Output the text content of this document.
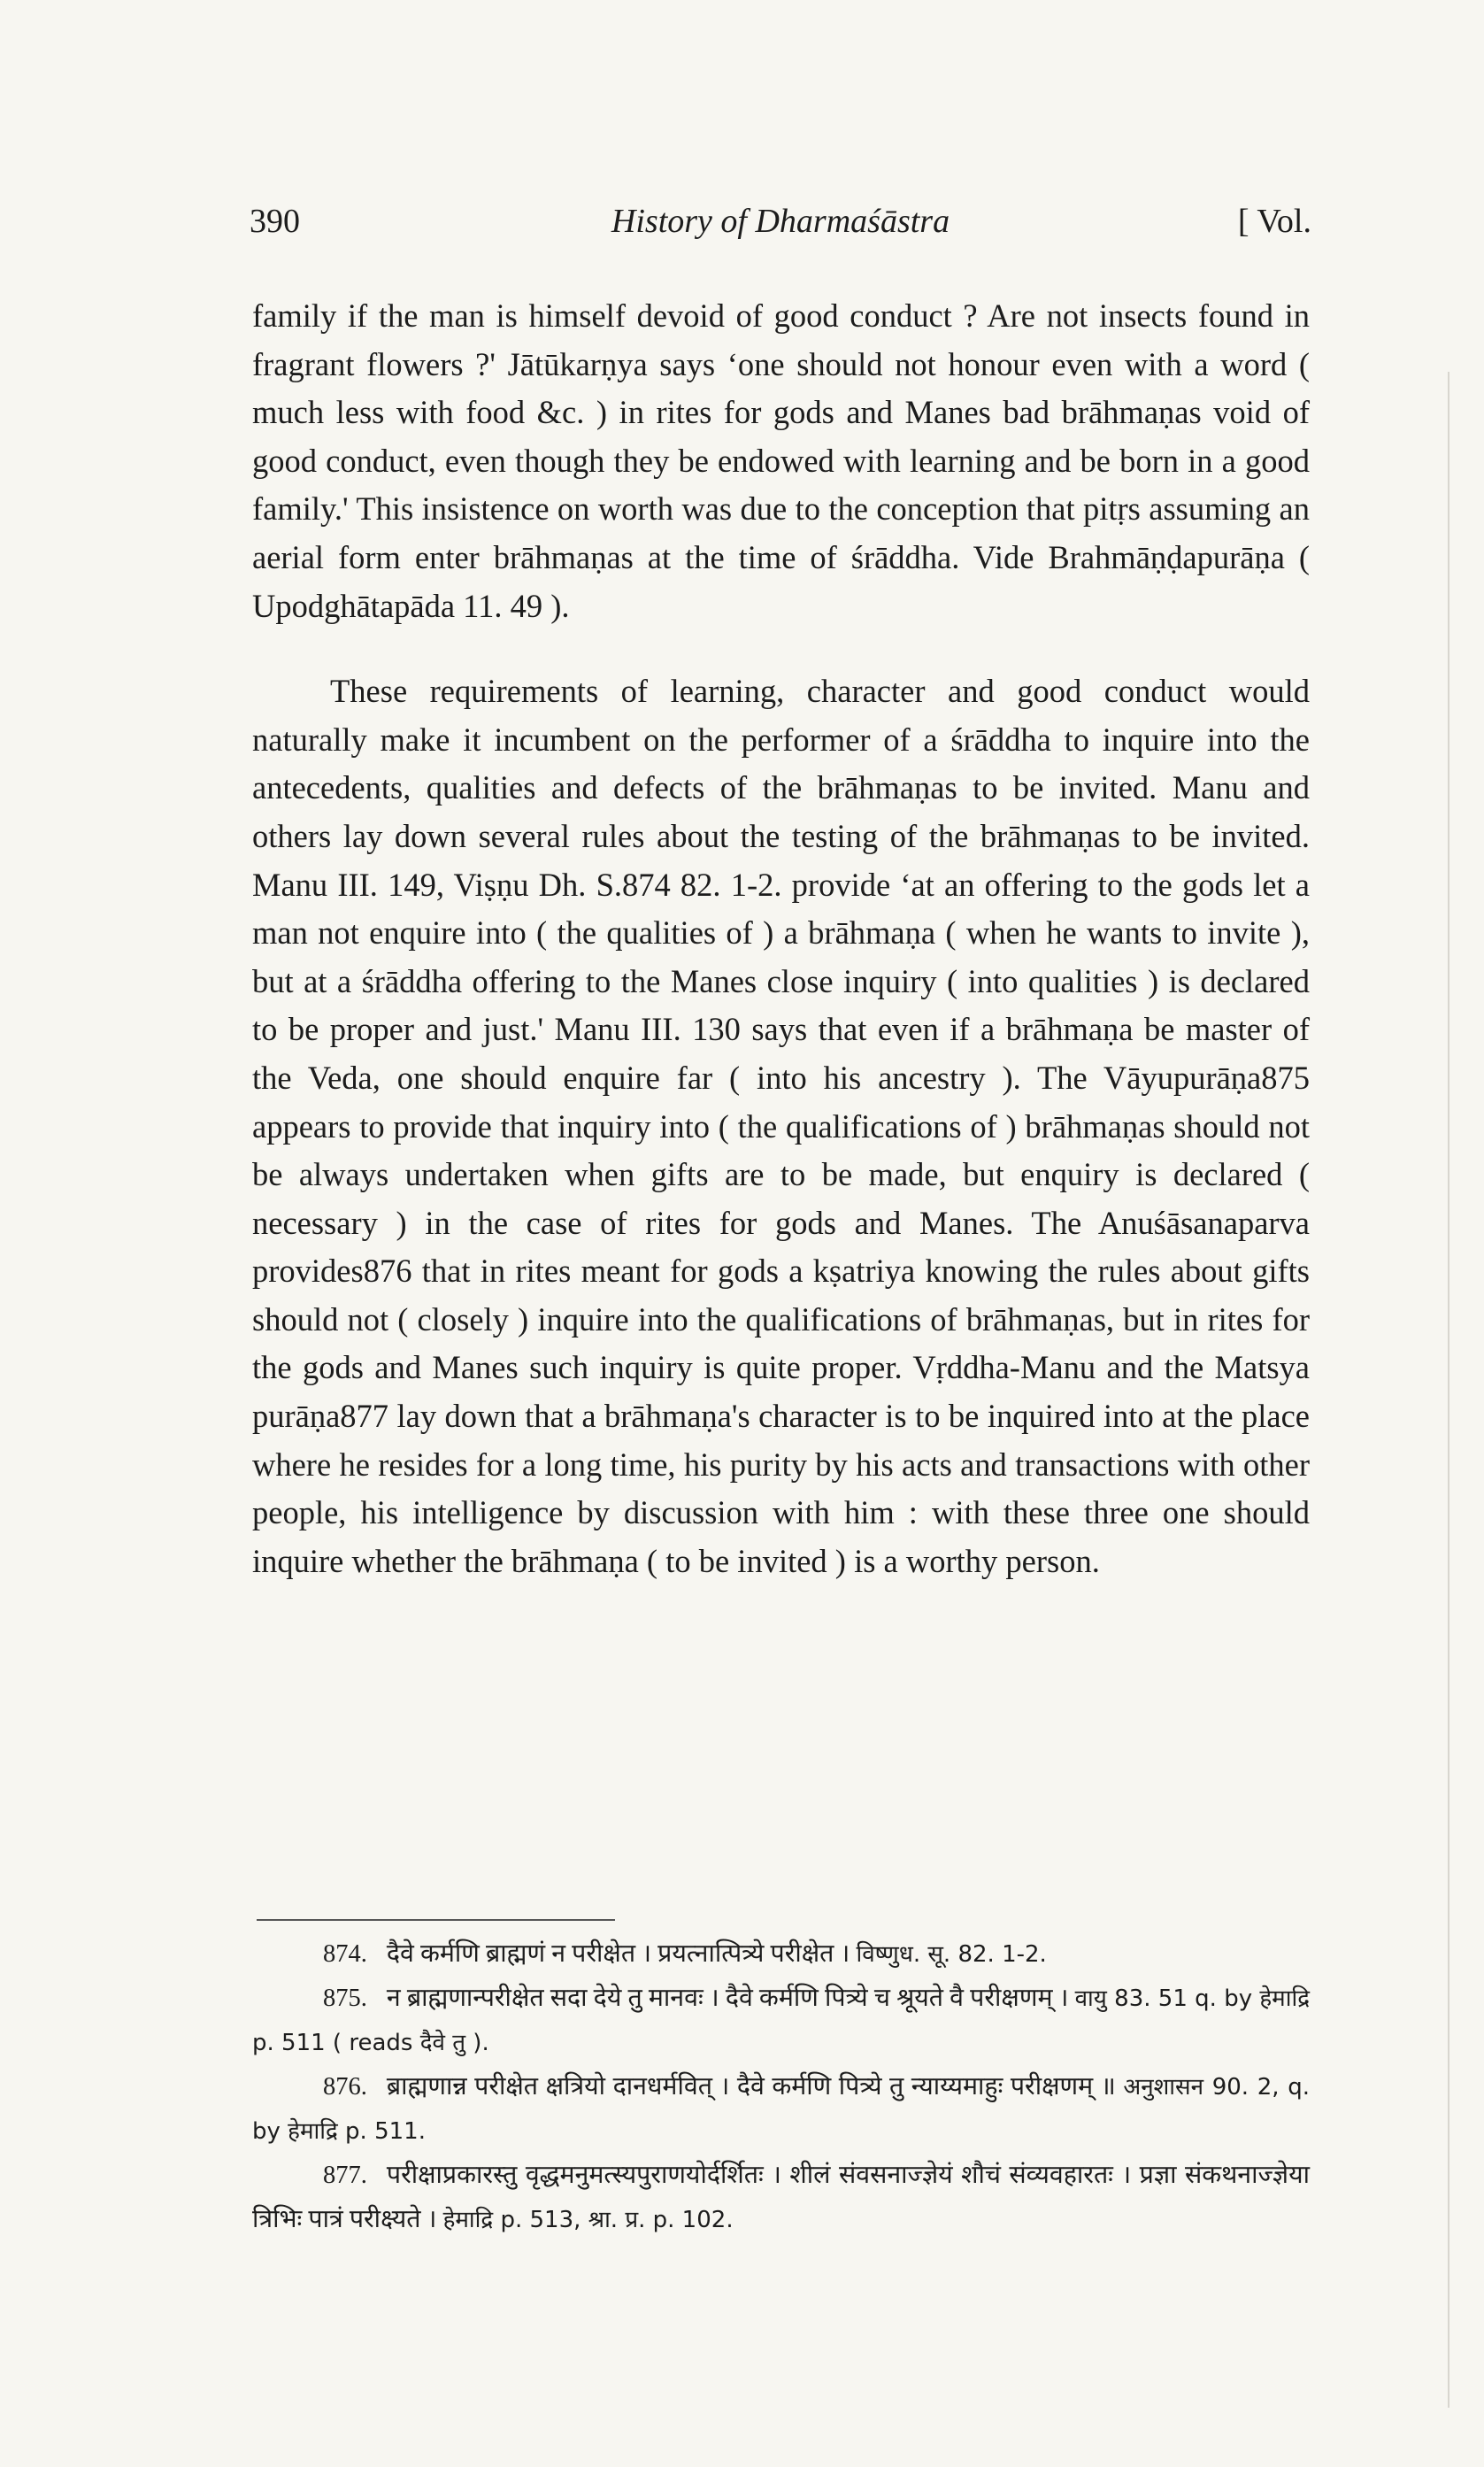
390	History of Dharmaśāstra	[ Vol.

family if the man is himself devoid of good conduct ? Are not insects found in fragrant flowers ?' Jātūkarṇya says ‘one should not honour even with a word ( much less with food &c. ) in rites for gods and Manes bad brāhmaṇas void of good conduct, even though they be endowed with learning and be born in a good family.' This insistence on worth was due to the conception that pitṛs assuming an aerial form enter brāhmaṇas at the time of śrāddha. Vide Brahmāṇḍapurāṇa ( Upodghātapāda 11. 49 ).

These requirements of learning, character and good conduct would naturally make it incumbent on the performer of a śrāddha to inquire into the antecedents, qualities and defects of the brāhmaṇas to be invited. Manu and others lay down several rules about the testing of the brāhmaṇas to be invited. Manu III. 149, Viṣṇu Dh. S.874 82. 1-2. provide ‘at an offering to the gods let a man not enquire into ( the qualities of ) a brāhmaṇa ( when he wants to invite ), but at a śrāddha offering to the Manes close inquiry ( into qualities ) is declared to be proper and just.' Manu III. 130 says that even if a brāhmaṇa be master of the Veda, one should enquire far ( into his ancestry ). The Vāyupurāṇa875 appears to provide that inquiry into ( the qualifications of ) brāhmaṇas should not be always undertaken when gifts are to be made, but enquiry is declared ( necessary ) in the case of rites for gods and Manes. The Anuśāsanaparva provides876 that in rites meant for gods a kṣatriya knowing the rules about gifts should not ( closely ) inquire into the qualifications of brāhmaṇas, but in rites for the gods and Manes such inquiry is quite proper. Vṛddha-Manu and the Matsya purāṇa877 lay down that a brāhmaṇa's character is to be inquired into at the place where he resides for a long time, his purity by his acts and transactions with other people, his intelligence by discussion with him : with these three one should inquire whether the brāhmaṇa ( to be invited ) is a worthy person.

874. दैवे कर्मणि ब्राह्मणं न परीक्षेत । प्रयत्नात्पित्र्ये परीक्षेत । विष्णुध. सू. 82. 1-2.

875. न ब्राह्मणान्परीक्षेत सदा देये तु मानवः । दैवे कर्मणि पित्र्ये च श्रूयते वै परीक्षणम् । वायु 83. 51 q. by हेमाद्रि p. 511 ( reads दैवे तु ).

876. ब्राह्मणान्न परीक्षेत क्षत्रियो दानधर्मवित् । दैवे कर्मणि पित्र्ये तु न्याय्यमाहुः परीक्षणम् ॥ अनुशासन 90. 2, q. by हेमाद्रि p. 511.

877. परीक्षाप्रकारस्तु वृद्धमनुमत्स्यपुराणयोर्दर्शितः । शीलं संवसनाज्ज्ञेयं शौचं संव्यवहारतः । प्रज्ञा संकथनाज्ज्ञेया त्रिभिः पात्रं परीक्ष्यते । हेमाद्रि p. 513, श्रा. प्र. p. 102.
